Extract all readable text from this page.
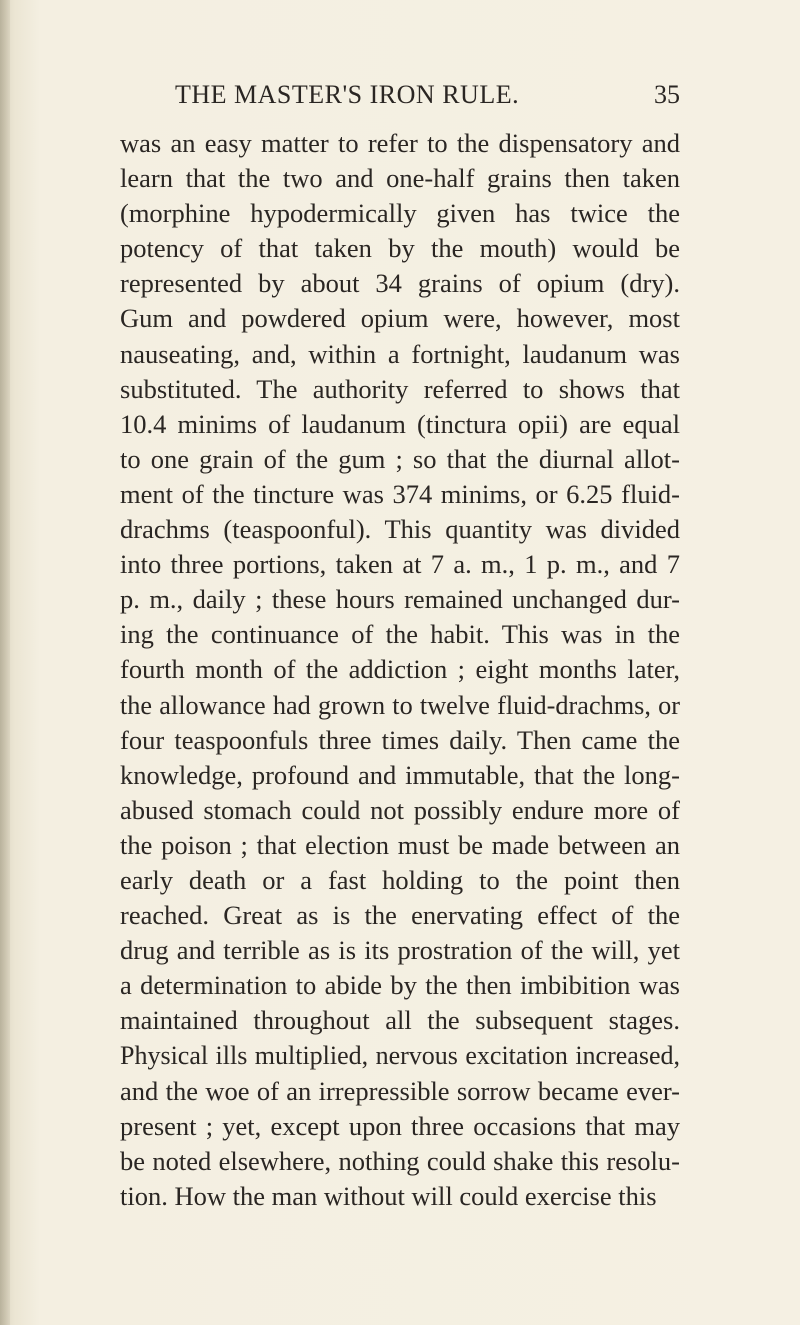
THE MASTER'S IRON RULE.	35
was an easy matter to refer to the dispensatory and
learn that the two and one-half grains then taken
(morphine hypodermically given has twice the
potency of that taken by the mouth) would be
represented by about 34 grains of opium (dry).
Gum and powdered opium were, however, most
nauseating, and, within a fortnight, laudanum was
substituted. The authority referred to shows that
10.4 minims of laudanum (tinctura opii) are equal
to one grain of the gum ; so that the diurnal allot-
ment of the tincture was 374 minims, or 6.25 fluid-
drachms (teaspoonful). This quantity was divided
into three portions, taken at 7 a. m., 1 p. m., and 7
p. m., daily ; these hours remained unchanged dur-
ing the continuance of the habit. This was in the
fourth month of the addiction ; eight months later,
the allowance had grown to twelve fluid-drachms, or
four teaspoonfuls three times daily. Then came the
knowledge, profound and immutable, that the long-
abused stomach could not possibly endure more of
the poison ; that election must be made between an
early death or a fast holding to the point then
reached. Great as is the enervating effect of the
drug and terrible as is its prostration of the will, yet
a determination to abide by the then imbibition was
maintained throughout all the subsequent stages.
Physical ills multiplied, nervous excitation increased,
and the woe of an irrepressible sorrow became ever-
present ; yet, except upon three occasions that may
be noted elsewhere, nothing could shake this resolu-
tion. How the man without will could exercise this
